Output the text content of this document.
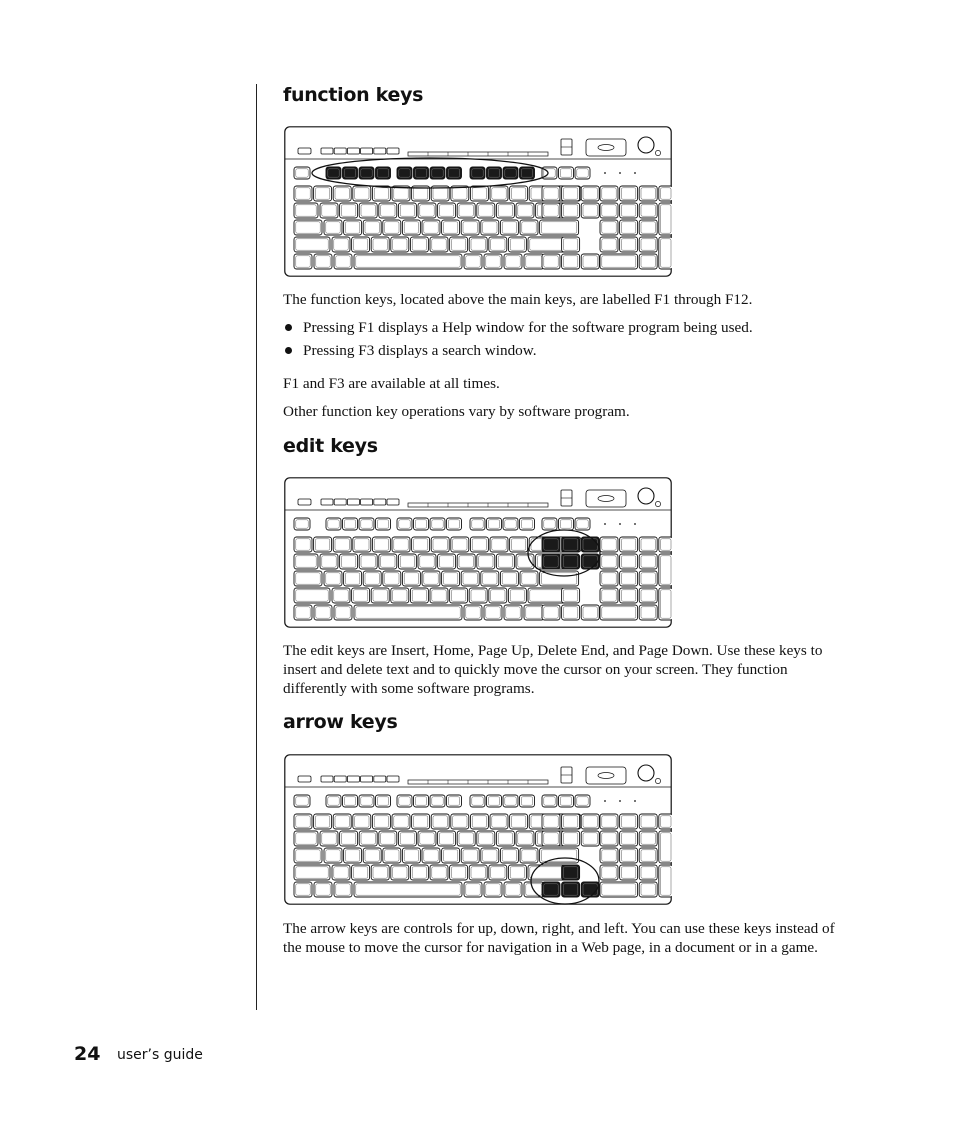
function keys

The function keys, located above the main keys, are labelled F1 through F12.

Pressing F1 displays a Help window for the software program being used.
Pressing F3 displays a search window.

F1 and F3 are available at all times.

Other function key operations vary by software program.

edit keys

The edit keys are Insert, Home, Page Up, Delete End, and Page Down. Use these keys to insert and delete text and to quickly move the cursor on your screen. They function differently with some software programs.

arrow keys

The arrow keys are controls for up, down, right, and left. You can use these keys instead of the mouse to move the cursor for navigation in a Web page, in a document or in a game.

24 user’s guide
